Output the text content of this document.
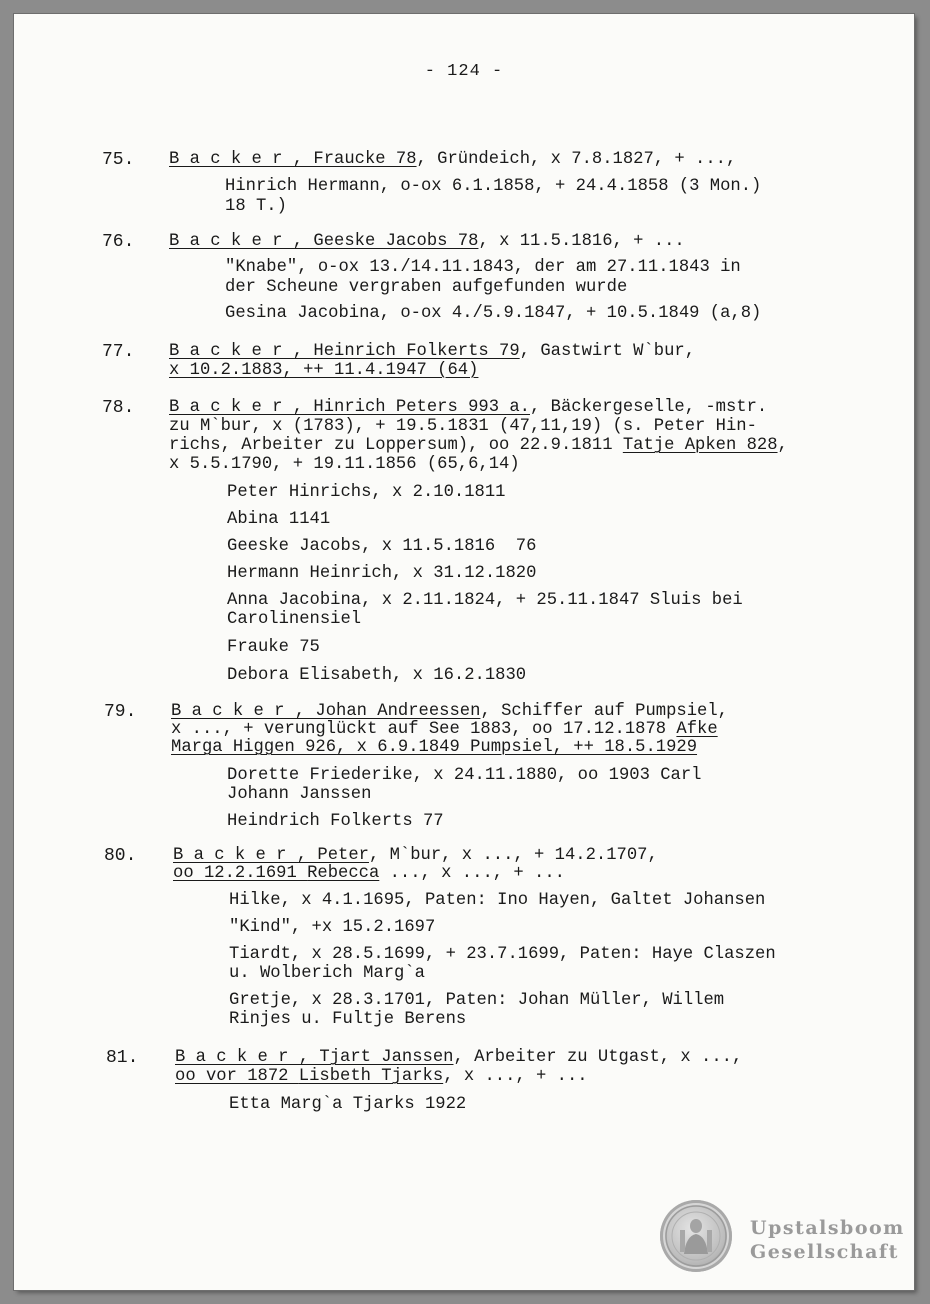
- 124 -
75. B a c k e r , Fraucke 78, Gründeich, x 7.8.1827, + ...,
Hinrich Hermann, o-ox 6.1.1858, + 24.4.1858 (3 Mon.)
18 T.)
76. B a c k e r , Geeske Jacobs 78, x 11.5.1816, + ...
"Knabe", o-ox 13./14.11.1843, der am 27.11.1843 in
der Scheune vergraben aufgefunden wurde
Gesina Jacobina, o-ox 4./5.9.1847, + 10.5.1849 (a,8)
77. B a c k e r , Heinrich Folkerts 79, Gastwirt W`bur,
x 10.2.1883, ++ 11.4.1947 (64)
78. B a c k e r , Hinrich Peters 993 a., Bäckergeselle, -mstr.
zu M`bur, x (1783), + 19.5.1831 (47,11,19) (s. Peter Hin-
richs, Arbeiter zu Loppersum), oo 22.9.1811 Tatje Apken 828,
x 5.5.1790, + 19.11.1856 (65,6,14)
Peter Hinrichs, x 2.10.1811
Abina 1141
Geeske Jacobs, x 11.5.1816  76
Hermann Heinrich, x 31.12.1820
Anna Jacobina, x 2.11.1824, + 25.11.1847 Sluis bei
Carolinensiel
Frauke 75
Debora Elisabeth, x 16.2.1830
79. B a c k e r , Johan Andreessen, Schiffer auf Pumpsiel,
x ..., + verunglückt auf See 1883, oo 17.12.1878 Afke
Marga Higgen 926, x 6.9.1849 Pumpsiel, ++ 18.5.1929
Dorette Friederike, x 24.11.1880, oo 1903 Carl
Johann Janssen
Heindrich Folkerts 77
80. B a c k e r , Peter, M`bur, x ..., + 14.2.1707,
oo 12.2.1691 Rebecca ..., x ..., + ...
Hilke, x 4.1.1695, Paten: Ino Hayen, Galtet Johansen
"Kind", +x 15.2.1697
Tiardt, x 28.5.1699, + 23.7.1699, Paten: Haye Claszen
u. Wolberich Marg`a
Gretje, x 28.3.1701, Paten: Johan Müller, Willem
Rinjes u. Fultje Berens
81. B a c k e r , Tjart Janssen, Arbeiter zu Utgast, x ...,
oo vor 1872 Lisbeth Tjarks, x ..., + ...
Etta Marg`a Tjarks 1922
Upstalsboom
Gesellschaft
